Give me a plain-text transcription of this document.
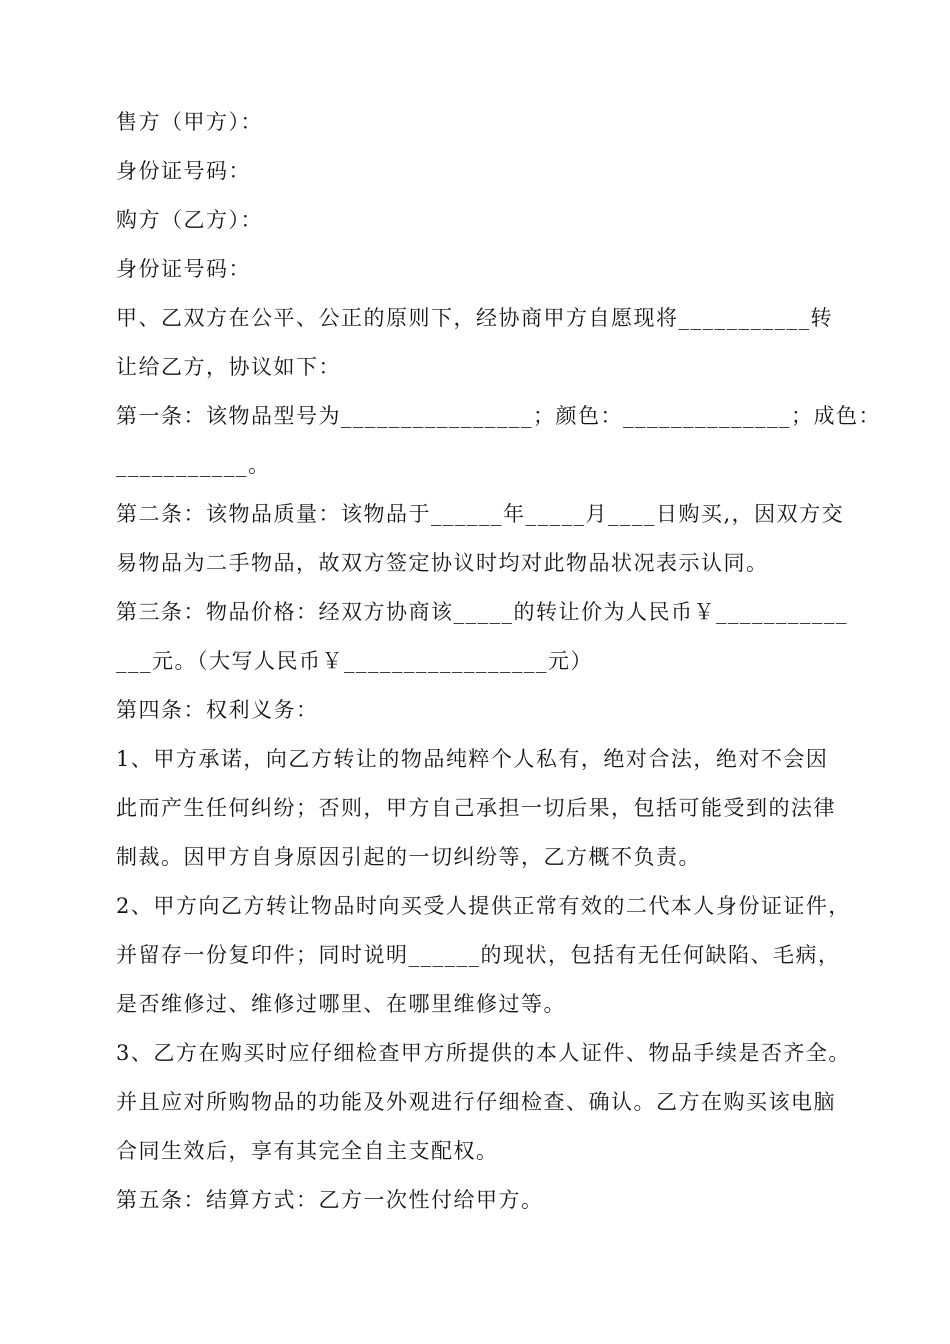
售方（甲方）：
身份证号码：
购方（乙方）：
身份证号码：
甲、乙双方在公平、公正的原则下，经协商甲方自愿现将___________转
让给乙方，协议如下：
第一条：该物品型号为________________；颜色：______________；成色：
___________。
第二条：该物品质量：该物品于______年_____月____日购买,，因双方交
易物品为二手物品，故双方签定协议时均对此物品状况表示认同。
第三条：物品价格：经双方协商该_____的转让价为人民币￥___________
___元。（大写人民币￥_________________元）
第四条：权利义务：
1、甲方承诺，向乙方转让的物品纯粹个人私有，绝对合法，绝对不会因
此而产生任何纠纷；否则，甲方自己承担一切后果，包括可能受到的法律
制裁。因甲方自身原因引起的一切纠纷等，乙方概不负责。
2、甲方向乙方转让物品时向买受人提供正常有效的二代本人身份证证件，
并留存一份复印件；同时说明______的现状，包括有无任何缺陷、毛病，
是否维修过、维修过哪里、在哪里维修过等。
3、乙方在购买时应仔细检查甲方所提供的本人证件、物品手续是否齐全。
并且应对所购物品的功能及外观进行仔细检查、确认。乙方在购买该电脑
合同生效后，享有其完全自主支配权。
第五条：结算方式：乙方一次性付给甲方。
